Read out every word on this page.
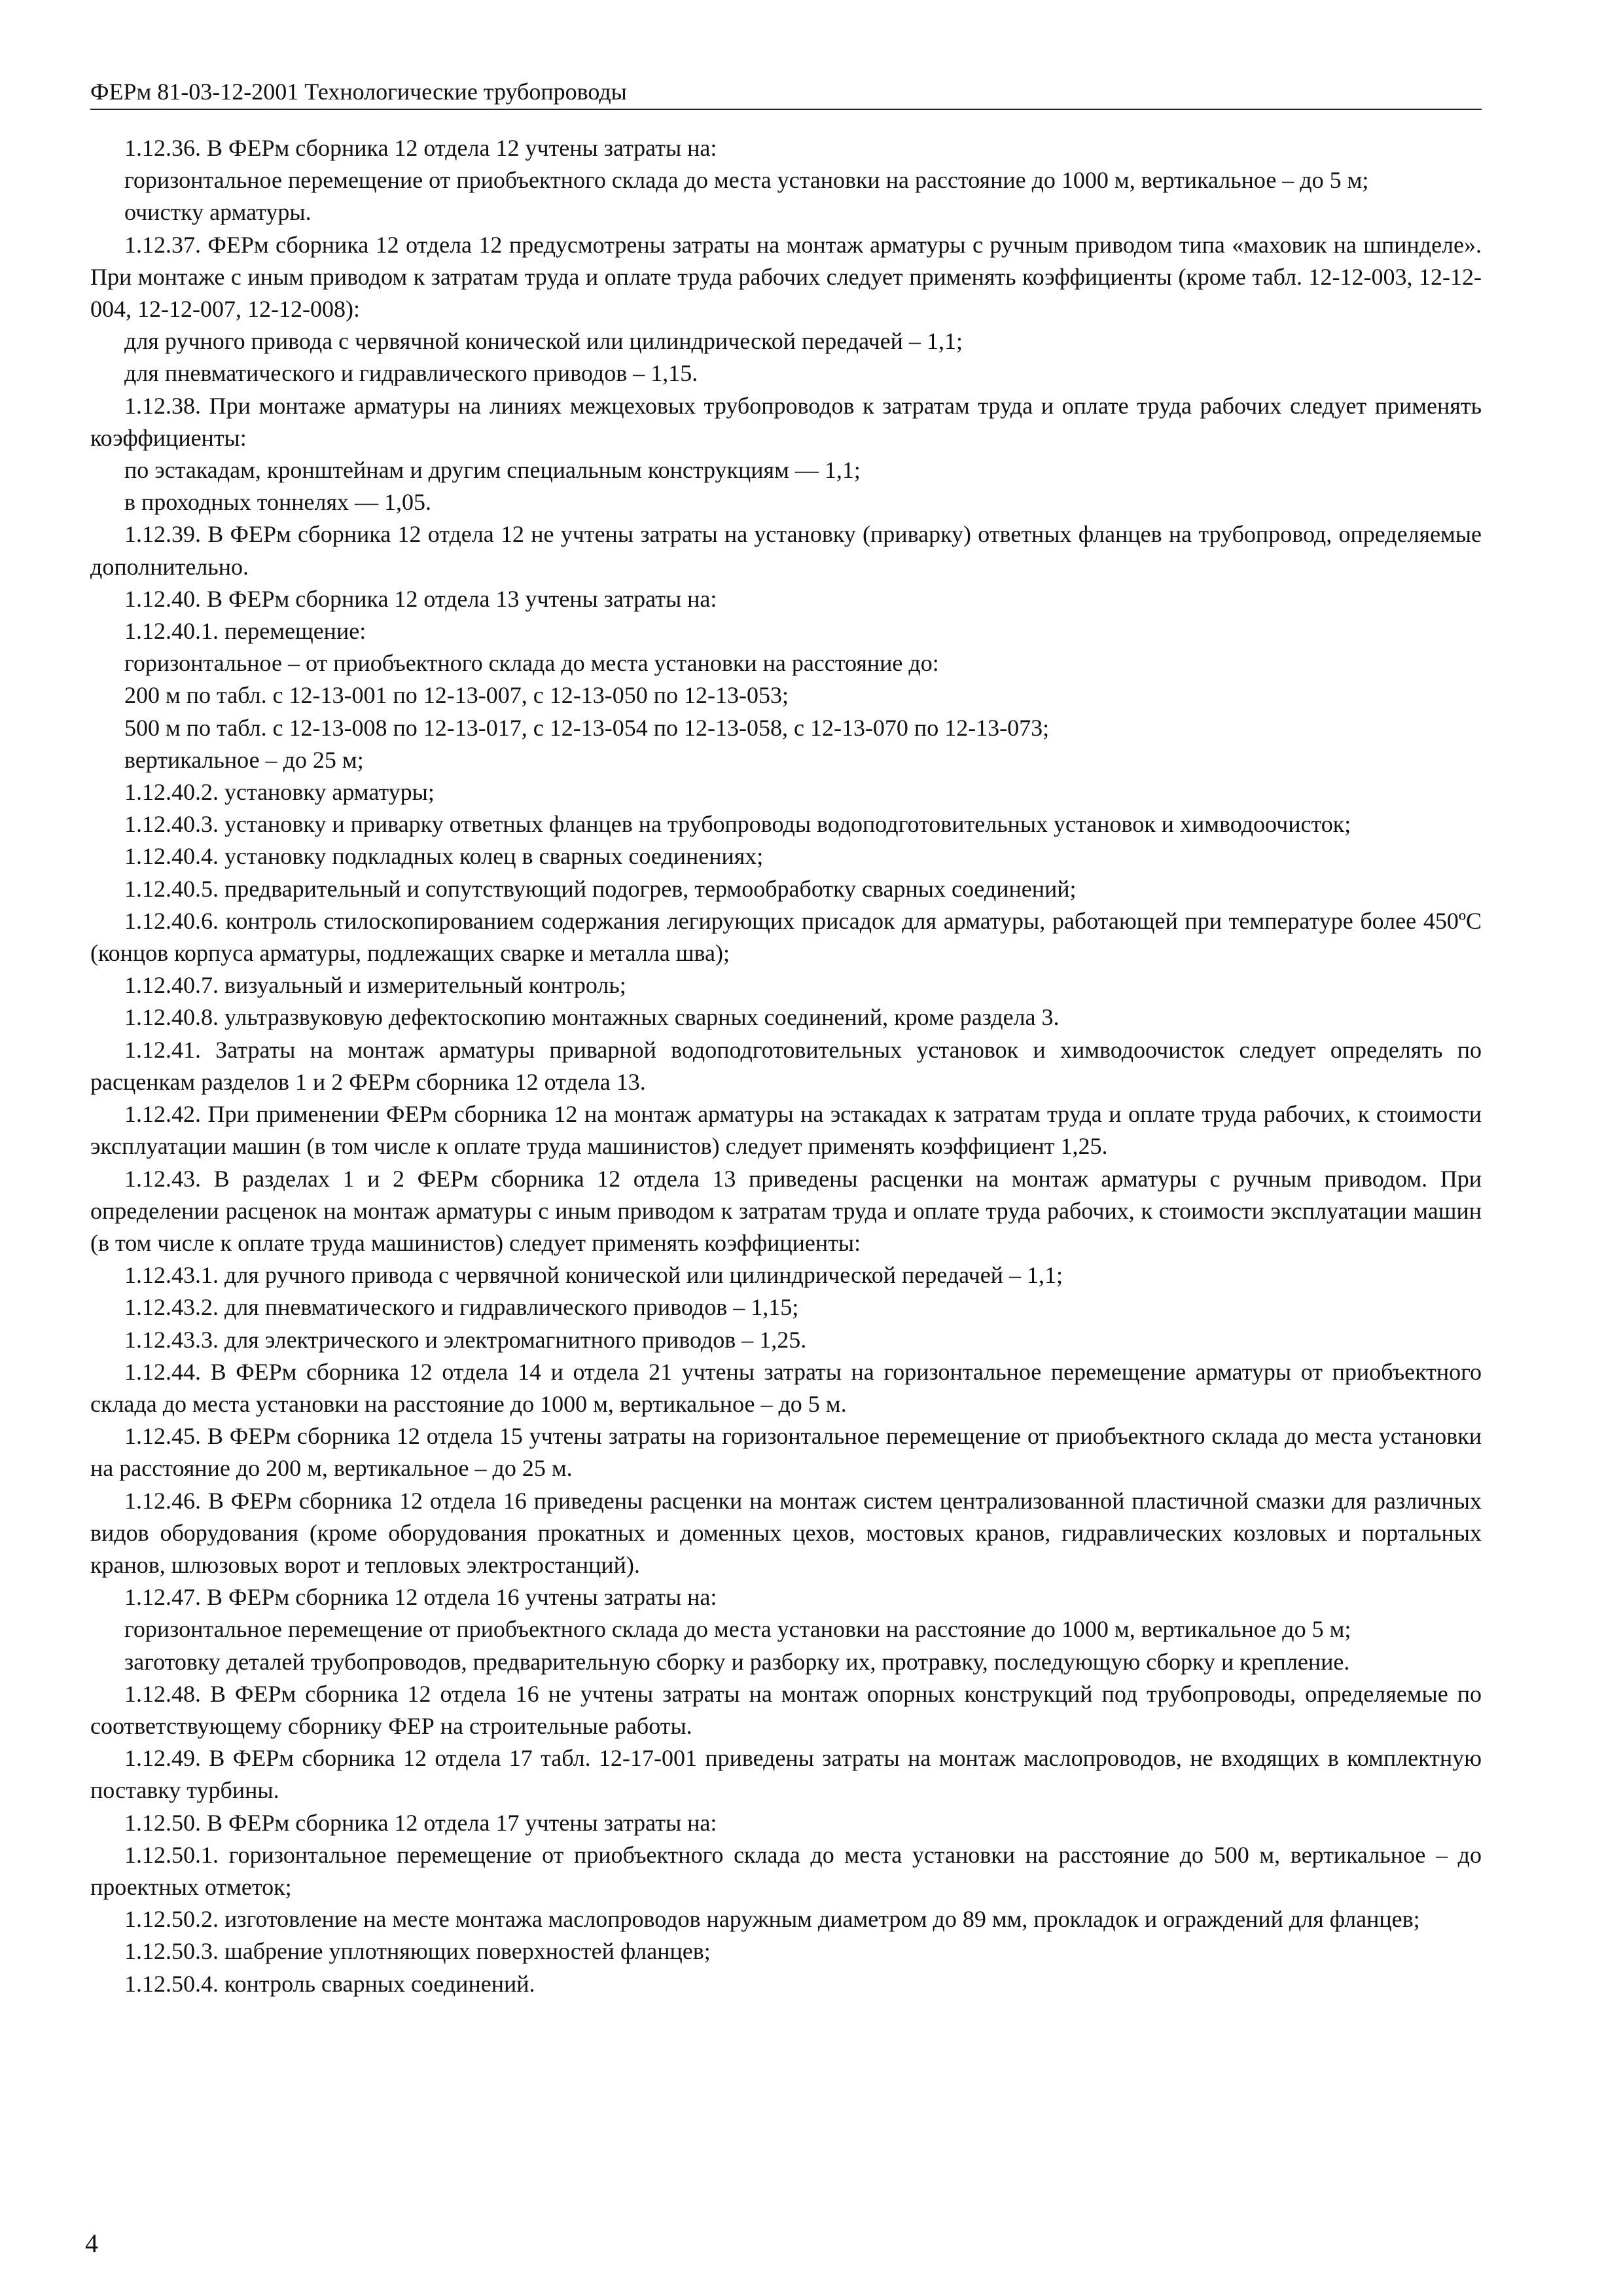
ФЕРм 81-03-12-2001 Технологические трубопроводы

1.12.36. В ФЕРм сборника 12 отдела 12 учтены затраты на:

горизонтальное перемещение от приобъектного склада до места установки на расстояние до 1000 м, вертикальное – до 5 м;

очистку арматуры.

1.12.37. ФЕРм сборника 12 отдела 12 предусмотрены затраты на монтаж арматуры с ручным приводом типа «маховик на шпинделе». При монтаже с иным приводом к затратам труда и оплате труда рабочих следует применять коэффициенты (кроме табл. 12-12-003, 12-12-004, 12-12-007, 12-12-008):

для ручного привода с червячной конической или цилиндрической передачей – 1,1;

для пневматического и гидравлического приводов – 1,15.

1.12.38. При монтаже арматуры на линиях межцеховых трубопроводов к затратам труда и оплате труда рабочих следует применять коэффициенты:

по эстакадам, кронштейнам и другим специальным конструкциям — 1,1;

в проходных тоннелях — 1,05.

1.12.39. В ФЕРм сборника 12 отдела 12 не учтены затраты на установку (приварку) ответных фланцев на трубопровод, определяемые дополнительно.

1.12.40. В ФЕРм сборника 12 отдела 13 учтены затраты на:

1.12.40.1. перемещение:

горизонтальное – от приобъектного склада до места установки на расстояние до:

200 м по табл. с 12-13-001 по 12-13-007, с 12-13-050 по 12-13-053;

500 м по табл. с 12-13-008 по 12-13-017, с 12-13-054 по 12-13-058, с 12-13-070 по 12-13-073;

вертикальное – до 25 м;

1.12.40.2. установку арматуры;

1.12.40.3. установку и приварку ответных фланцев на трубопроводы водоподготовительных установок и химводоочисток;

1.12.40.4. установку подкладных колец в сварных соединениях;

1.12.40.5. предварительный и сопутствующий подогрев, термообработку сварных соединений;

1.12.40.6. контроль стилоскопированием содержания легирующих присадок для арматуры, работающей при температуре более 450ºС (концов корпуса арматуры, подлежащих сварке и металла шва);

1.12.40.7. визуальный и измерительный контроль;

1.12.40.8. ультразвуковую дефектоскопию монтажных сварных соединений, кроме раздела 3.

1.12.41. Затраты на монтаж арматуры приварной водоподготовительных установок и химводоочисток следует определять по расценкам разделов 1 и 2 ФЕРм сборника 12 отдела 13.

1.12.42. При применении ФЕРм сборника 12 на монтаж арматуры на эстакадах к затратам труда и оплате труда рабочих, к стоимости эксплуатации машин (в том числе к оплате труда машинистов) следует применять коэффициент 1,25.

1.12.43. В разделах 1 и 2 ФЕРм сборника 12 отдела 13 приведены расценки на монтаж арматуры с ручным приводом. При определении расценок на монтаж арматуры с иным приводом к затратам труда и оплате труда рабочих, к стоимости эксплуатации машин (в том числе к оплате труда машинистов) следует применять коэффициенты:

1.12.43.1. для ручного привода с червячной конической или цилиндрической передачей – 1,1;

1.12.43.2. для пневматического и гидравлического приводов – 1,15;

1.12.43.3. для электрического и электромагнитного приводов – 1,25.

1.12.44. В ФЕРм сборника 12 отдела 14 и отдела 21 учтены затраты на горизонтальное перемещение арматуры от приобъектного склада до места установки на расстояние до 1000 м, вертикальное – до 5 м.

1.12.45. В ФЕРм сборника 12 отдела 15 учтены затраты на горизонтальное перемещение от приобъектного склада до места установки на расстояние до 200 м, вертикальное – до 25 м.

1.12.46. В ФЕРм сборника 12 отдела 16 приведены расценки на монтаж систем централизованной пластичной смазки для различных видов оборудования (кроме оборудования прокатных и доменных цехов, мостовых кранов, гидравлических козловых и портальных кранов, шлюзовых ворот и тепловых электростанций).

1.12.47. В ФЕРм сборника 12 отдела 16 учтены затраты на:

горизонтальное перемещение от приобъектного склада до места установки на расстояние до 1000 м, вертикальное до 5 м;

заготовку деталей трубопроводов, предварительную сборку и разборку их, протравку, последующую сборку и крепление.

1.12.48. В ФЕРм сборника 12 отдела 16 не учтены затраты на монтаж опорных конструкций под трубопроводы, определяемые по соответствующему сборнику ФЕР на строительные работы.

1.12.49. В ФЕРм сборника 12 отдела 17 табл. 12-17-001 приведены затраты на монтаж маслопроводов, не входящих в комплектную поставку турбины.

1.12.50. В ФЕРм сборника 12 отдела 17 учтены затраты на:

1.12.50.1. горизонтальное перемещение от приобъектного склада до места установки на расстояние до 500 м, вертикальное – до проектных отметок;

1.12.50.2. изготовление на месте монтажа маслопроводов наружным диаметром до 89 мм, прокладок и ограждений для фланцев;

1.12.50.3. шабрение уплотняющих поверхностей фланцев;

1.12.50.4. контроль сварных соединений.

4
